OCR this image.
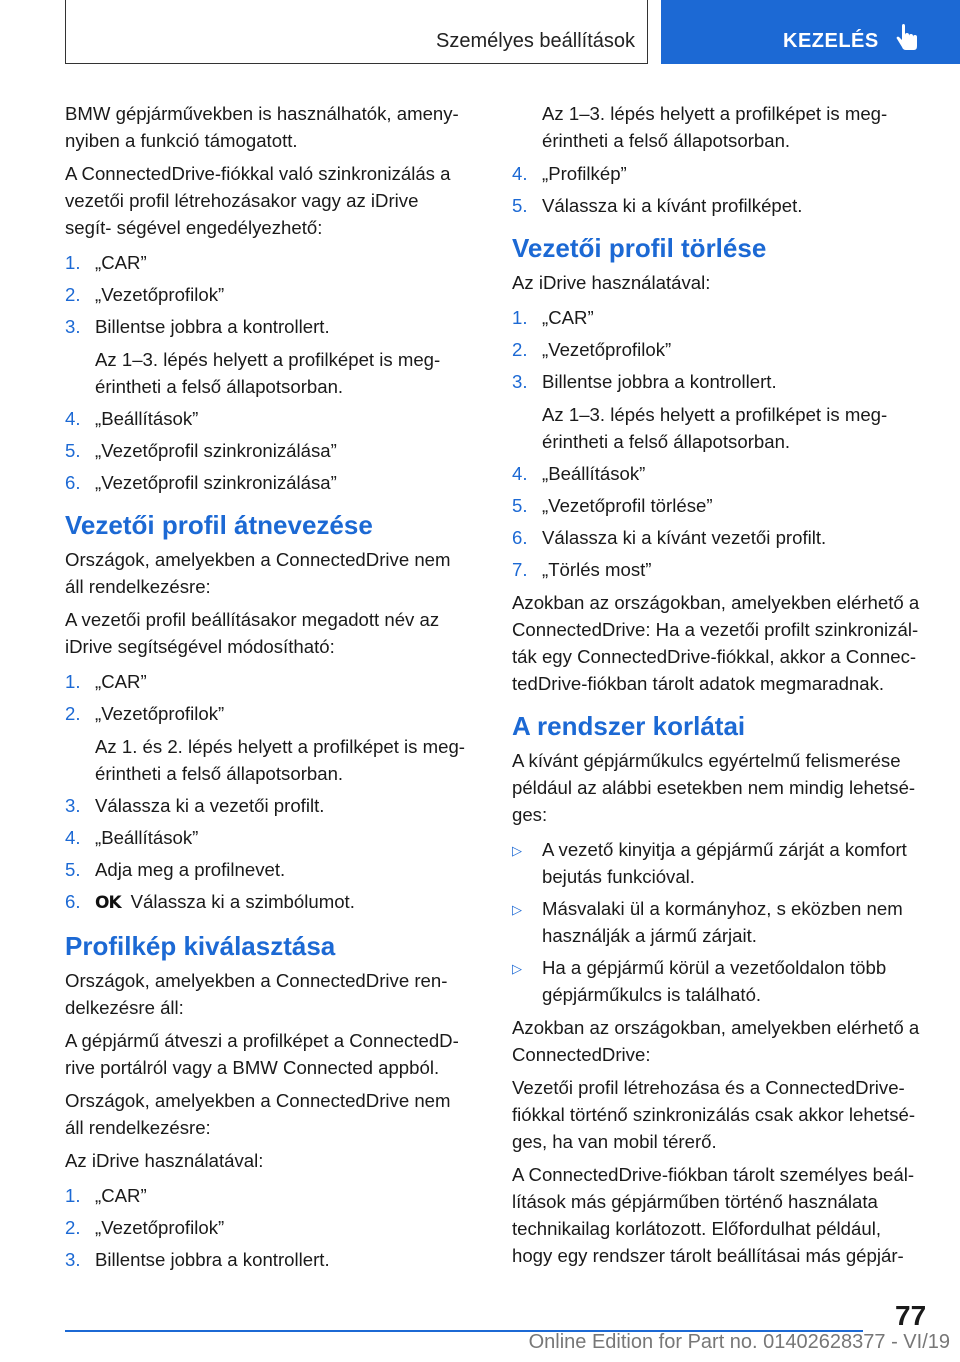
Személyes beállítások	KEZELÉS

BMW gépjárművekben is használhatók, ameny- nyiben a funkció támogatott.

A ConnectedDrive-fiókkal való szinkronizálás a vezetői profil létrehozásakor vagy az iDrive segít- ségével engedélyezhető:

1. „CAR”
2. „Vezetőprofilok”
3. Billentse jobbra a kontrollert.
Az 1–3. lépés helyett a profilképet is meg- érintheti a felső állapotsorban.
4. „Beállítások”
5. „Vezetőprofil szinkronizálása”
6. „Vezetőprofil szinkronizálása”
Vezetői profil átnevezése

Országok, amelyekben a ConnectedDrive nem áll rendelkezésre:

A vezetői profil beállításakor megadott név az iDrive segítségével módosítható:

1. „CAR”
2. „Vezetőprofilok”
Az 1. és 2. lépés helyett a profilképet is meg- érintheti a felső állapotsorban.
3. Válassza ki a vezetői profilt.
4. „Beállítások”
5. Adja meg a profilnevet.
6. OK Válassza ki a szimbólumot.
Profilkép kiválasztása

Országok, amelyekben a ConnectedDrive ren- delkezésre áll:

A gépjármű átveszi a profilképet a ConnectedD- rive portálról vagy a BMW Connected appból.

Országok, amelyekben a ConnectedDrive nem áll rendelkezésre:

Az iDrive használatával:

1. „CAR”
2. „Vezetőprofilok”
3. Billentse jobbra a kontrollert.

Az 1–3. lépés helyett a profilképet is meg- érintheti a felső állapotsorban.

4. „Profilkép”
5. Válassza ki a kívánt profilképet.
Vezetői profil törlése

Az iDrive használatával:

1. „CAR”
2. „Vezetőprofilok”
3. Billentse jobbra a kontrollert.
Az 1–3. lépés helyett a profilképet is meg- érintheti a felső állapotsorban.
4. „Beállítások”
5. „Vezetőprofil törlése”
6. Válassza ki a kívánt vezetői profilt.
7. „Törlés most”

Azokban az országokban, amelyekben elérhető a ConnectedDrive: Ha a vezetői profilt szinkronizál- ták egy ConnectedDrive-fiókkal, akkor a Connec- tedDrive-fiókban tárolt adatok megmaradnak.

A rendszer korlátai

A kívánt gépjárműkulcs egyértelmű felismerése például az alábbi esetekben nem mindig lehetsé- ges:

▷ A vezető kinyitja a gépjármű zárját a komfort bejutás funkcióval.
▷ Másvalaki ül a kormányhoz, s eközben nem használják a jármű zárjait.
▷ Ha a gépjármű körül a vezetőoldalon több gépjárműkulcs is található.

Azokban az országokban, amelyekben elérhető a ConnectedDrive:

Vezetői profil létrehozása és a ConnectedDrive- fiókkal történő szinkronizálás csak akkor lehetsé- ges, ha van mobil térerő.

A ConnectedDrive-fiókban tárolt személyes beál- lítások más gépjárműben történő használata technikailag korlátozott. Előfordulhat például, hogy egy rendszer tárolt beállításai más gépjár-

77
Online Edition for Part no. 01402628377 - VI/19
